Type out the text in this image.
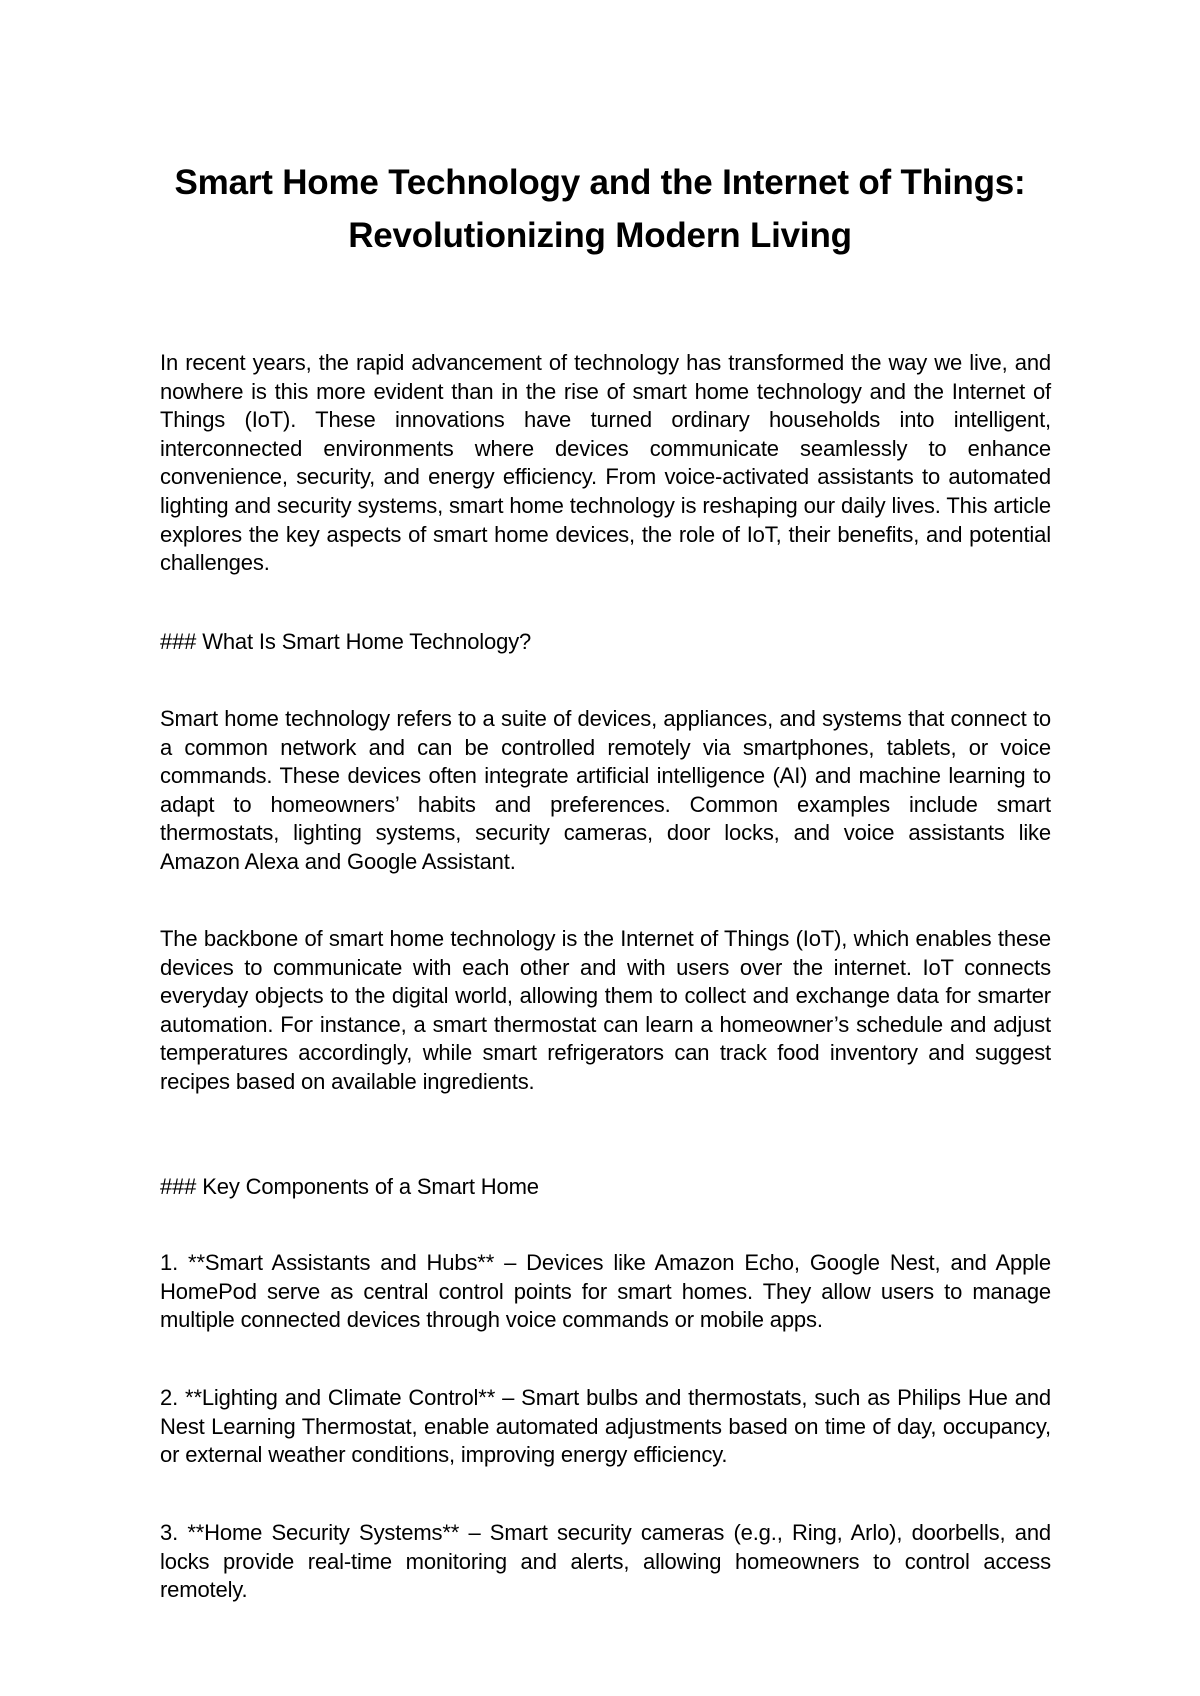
Smart Home Technology and the Internet of Things: Revolutionizing Modern Living

In recent years, the rapid advancement of technology has transformed the way we live, and nowhere is this more evident than in the rise of smart home technology and the Internet of Things (IoT). These innovations have turned ordinary households into intelligent, interconnected environments where devices communicate seamlessly to enhance convenience, security, and energy efficiency. From voice-activated assistants to automated lighting and security systems, smart home technology is reshaping our daily lives. This article explores the key aspects of smart home devices, the role of IoT, their benefits, and potential challenges.

### What Is Smart Home Technology?

Smart home technology refers to a suite of devices, appliances, and systems that connect to a common network and can be controlled remotely via smartphones, tablets, or voice commands. These devices often integrate artificial intelligence (AI) and machine learning to adapt to homeowners’ habits and preferences. Common examples include smart thermostats, lighting systems, security cameras, door locks, and voice assistants like Amazon Alexa and Google Assistant.

The backbone of smart home technology is the Internet of Things (IoT), which enables these devices to communicate with each other and with users over the internet. IoT connects everyday objects to the digital world, allowing them to collect and exchange data for smarter automation. For instance, a smart thermostat can learn a homeowner’s schedule and adjust temperatures accordingly, while smart refrigerators can track food inventory and suggest recipes based on available ingredients.

### Key Components of a Smart Home

1. **Smart Assistants and Hubs** – Devices like Amazon Echo, Google Nest, and Apple HomePod serve as central control points for smart homes. They allow users to manage multiple connected devices through voice commands or mobile apps.

2. **Lighting and Climate Control** – Smart bulbs and thermostats, such as Philips Hue and Nest Learning Thermostat, enable automated adjustments based on time of day, occupancy, or external weather conditions, improving energy efficiency.

3. **Home Security Systems** – Smart security cameras (e.g., Ring, Arlo), doorbells, and locks provide real-time monitoring and alerts, allowing homeowners to control access remotely.
